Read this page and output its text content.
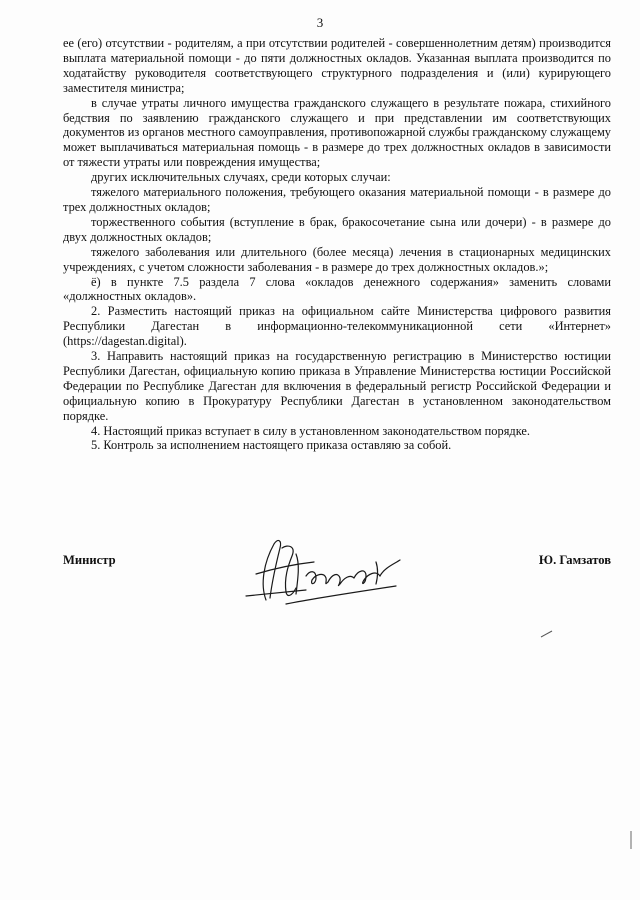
3

ее (его) отсутствии - родителям, а при отсутствии родителей - совершеннолетним детям) производится выплата материальной помощи - до пяти должностных окладов. Указанная выплата производится по ходатайству руководителя соответствующего структурного подразделения и (или) курирующего заместителя министра;

в случае утраты личного имущества гражданского служащего в результате пожара, стихийного бедствия по заявлению гражданского служащего и при представлении им соответствующих документов из органов местного самоуправления, противопожарной службы гражданскому служащему может выплачиваться материальная помощь - в размере до трех должностных окладов в зависимости от тяжести утраты или повреждения имущества;

других исключительных случаях, среди которых случаи:

тяжелого материального положения, требующего оказания материальной помощи - в размере до трех должностных окладов;

торжественного события (вступление в брак, бракосочетание сына или дочери) - в размере до двух должностных окладов;

тяжелого заболевания или длительного (более месяца) лечения в стационарных медицинских учреждениях, с учетом сложности заболевания - в размере до трех должностных окладов.»;

ё) в пункте 7.5 раздела 7 слова «окладов денежного содержания» заменить словами «должностных окладов».

2. Разместить настоящий приказ на официальном сайте Министерства цифрового развития Республики Дагестан в информационно-телекоммуникационной сети «Интернет» (https://dagestan.digital).

3. Направить настоящий приказ на государственную регистрацию в Министерство юстиции Республики Дагестан, официальную копию приказа в Управление Министерства юстиции Российской Федерации по Республике Дагестан для включения в федеральный регистр Российской Федерации и официальную копию в Прокуратуру Республики Дагестан в установленном законодательством порядке.

4. Настоящий приказ вступает в силу в установленном законодательством порядке.

5. Контроль за исполнением настоящего приказа оставляю за собой.

Министр	Ю. Гамзатов
